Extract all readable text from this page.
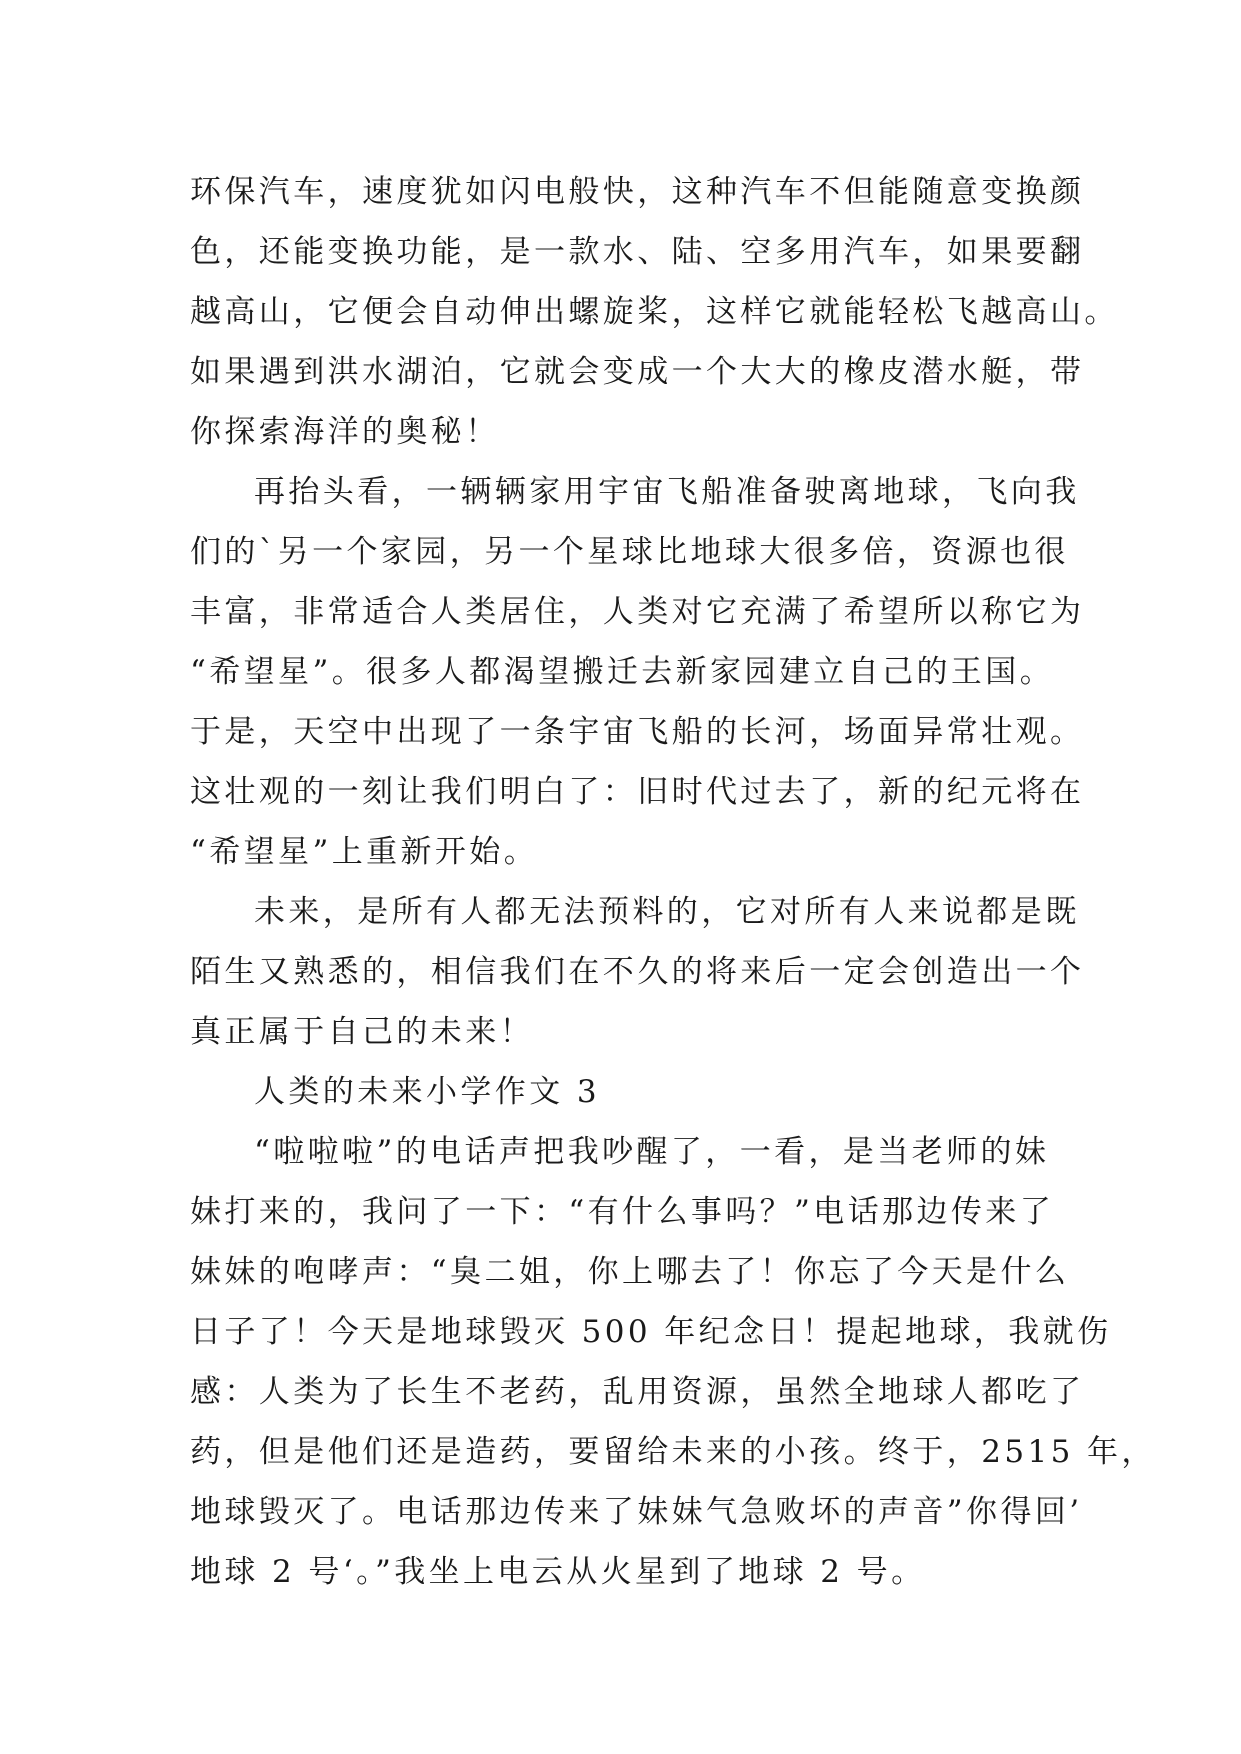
环保汽车，速度犹如闪电般快，这种汽车不但能随意变换颜
色，还能变换功能，是一款水、陆、空多用汽车，如果要翻
越高山，它便会自动伸出螺旋桨，这样它就能轻松飞越高山。
如果遇到洪水湖泊，它就会变成一个大大的橡皮潜水艇，带
你探索海洋的奥秘！
再抬头看，一辆辆家用宇宙飞船准备驶离地球，飞向我
们的`另一个家园，另一个星球比地球大很多倍，资源也很
丰富，非常适合人类居住，人类对它充满了希望所以称它为
“希望星”。很多人都渴望搬迁去新家园建立自己的王国。
于是，天空中出现了一条宇宙飞船的长河，场面异常壮观。
这壮观的一刻让我们明白了：旧时代过去了，新的纪元将在
“希望星”上重新开始。
未来，是所有人都无法预料的，它对所有人来说都是既
陌生又熟悉的，相信我们在不久的将来后一定会创造出一个
真正属于自己的未来！
人类的未来小学作文 3
“啦啦啦”的电话声把我吵醒了，一看，是当老师的妹
妹打来的，我问了一下：“有什么事吗？”电话那边传来了
妹妹的咆哮声：“臭二姐，你上哪去了！你忘了今天是什么
日子了！今天是地球毁灭 500 年纪念日！提起地球，我就伤
感：人类为了长生不老药，乱用资源，虽然全地球人都吃了
药，但是他们还是造药，要留给未来的小孩。终于，2515 年，
地球毁灭了。电话那边传来了妹妹气急败坏的声音”你得回’
地球 2 号‘。”我坐上电云从火星到了地球 2 号。
